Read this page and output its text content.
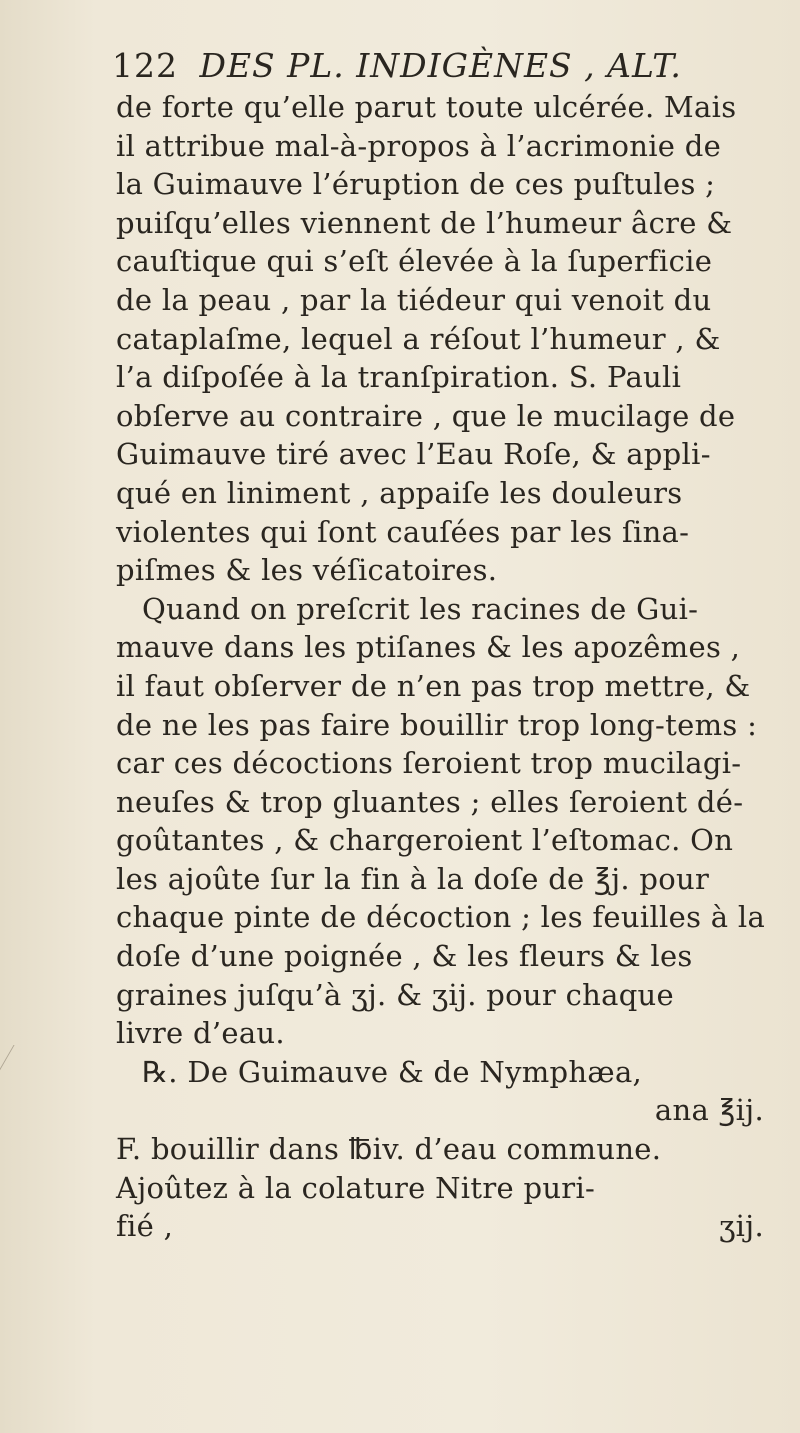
122 DES PL. INDIGÈNES , ALT.
de forte qu’elle parut toute ulcérée. Mais
il attribue mal-à-propos à l’acrimonie de
la Guimauve l’éruption de ces puſtules ;
puiſqu’elles viennent de l’humeur âcre &
cauſtique qui s’eſt élevée à la ſuperficie
de la peau , par la tiédeur qui venoit du
cataplaſme, lequel a réſout l’humeur , &
l’a diſpoſée à la tranſpiration. S. Pauli
obſerve au contraire , que le mucilage de
Guimauve tiré avec l’Eau Roſe, & appli-
qué en liniment , appaiſe les douleurs
violentes qui ſont cauſées par les ſina-
piſmes & les véſicatoires.
Quand on preſcrit les racines de Gui-
mauve dans les ptiſanes & les apozêmes ,
il faut obſerver de n’en pas trop mettre, &
de ne les pas faire bouillir trop long-tems :
car ces décoctions ſeroient trop mucilagi-
neuſes & trop gluantes ; elles ſeroient dé-
goûtantes , & chargeroient l’eſtomac. On
les ajoûte ſur la fin à la doſe de ℥j. pour
chaque pinte de décoction ; les feuilles à la
doſe d’une poignée , & les fleurs & les
graines juſqu’à ʒj. & ʒij. pour chaque
livre d’eau.
℞. De Guimauve & de Nymphæa,
ana ℥ij.
F. bouillir dans ℔iv. d’eau commune.
Ajoûtez à la colature Nitre puri-
fié ,	ʒij.
